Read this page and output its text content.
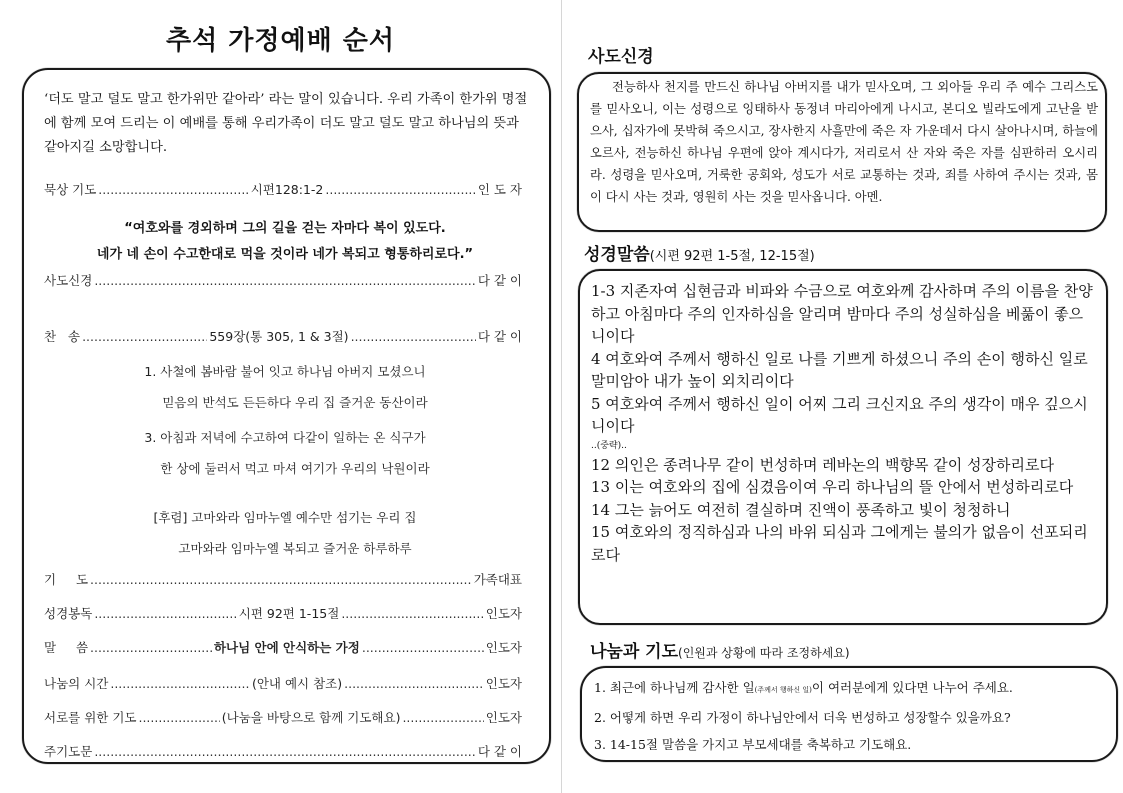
추석 가정예배 순서
‘더도 말고 덜도 말고 한가위만 같아라’ 라는 말이 있습니다. 우리 가족이 한가위 명절에 함께 모여 드리는 이 예배를 통해 우리가족이 더도 말고 덜도 말고 하나님의 뜻과 같아지길 소망합니다.
묵상 기도 .....	시편128:1-2 .....	인 도 자
“여호와를 경외하며 그의 길을 걷는 자마다 복이 있도다.
네가 네 손이 수고한대로 먹을 것이라 네가 복되고 형통하리로다.”
사도신경 .....	다 같 이
찬   송 .....	559장(통 305, 1 & 3절) .....	다 같 이
1. 사철에 봄바람 불어 잇고 하나님 아버지 모셨으니
믿음의 반석도 든든하다 우리 집 즐거운 동산이라
3. 아침과 저녁에 수고하여 다같이 일하는 온 식구가
한 상에 둘러서 먹고 마셔 여기가 우리의 낙원이라
[후렴] 고마와라 임마누엘 예수만 섬기는 우리 집
고마와라 임마누엘 복되고 즐거운 하루하루
기     도 .....	가족대표
성경봉독 .....	시편 92편 1-15절 .....	인도자
말     씀 .....	하나님 안에 안식하는 가정 .....	인도자
나눔의 시간 .....	(안내 예시 참조) .....	인도자
서로를 위한 기도 .....	(나눔을 바탕으로 함께 기도해요) .....	인도자
주기도문 .....	다 같 이
사도신경
전능하사 천지를 만드신 하나님 아버지를 내가 믿사오며, 그 외아들 우리 주 예수 그리스도를 믿사오니, 이는 성령으로 잉태하사 동정녀 마리아에게 나시고, 본디오 빌라도에게 고난을 받으사, 십자가에 못박혀 죽으시고, 장사한지 사흘만에 죽은 자 가운데서 다시 살아나시며, 하늘에 오르사, 전능하신 하나님 우편에 앉아 계시다가, 저리로서 산 자와 죽은 자를 심판하러 오시리라. 성령을 믿사오며, 거룩한 공회와, 성도가 서로 교통하는 것과, 죄를 사하여 주시는 것과, 몸이 다시 사는 것과, 영원히 사는 것을 믿사옵니다. 아멘.
성경말씀(시편 92편 1-5절, 12-15절)
1-3 지존자여 십현금과 비파와 수금으로 여호와께 감사하며 주의 이름을 찬양하고 아침마다 주의 인자하심을 알리며 밤마다 주의 성실하심을 베풂이 좋으니이다
4 여호와여 주께서 행하신 일로 나를 기쁘게 하셨으니 주의 손이 행하신 일로 말미암아 내가 높이 외치리이다
5 여호와여 주께서 행하신 일이 어찌 그리 크신지요 주의 생각이 매우 깊으시니이다
..(중략)..
12 의인은 종려나무 같이 번성하며 레바논의 백향목 같이 성장하리로다
13 이는 여호와의 집에 심겼음이여 우리 하나님의 뜰 안에서 번성하리로다
14 그는 늙어도 여전히 결실하며 진액이 풍족하고 빛이 청청하니
15 여호와의 정직하심과 나의 바위 되심과 그에게는 불의가 없음이 선포되리로다
나눔과 기도(인원과 상황에 따라 조정하세요)
1. 최근에 하나님께 감사한 일(주께서 행하신 일)이 여러분에게 있다면 나누어 주세요.
2. 어떻게 하면 우리 가정이 하나님안에서 더욱 번성하고 성장할수 있을까요?
3. 14-15절 말씀을 가지고 부모세대를 축복하고 기도해요.
